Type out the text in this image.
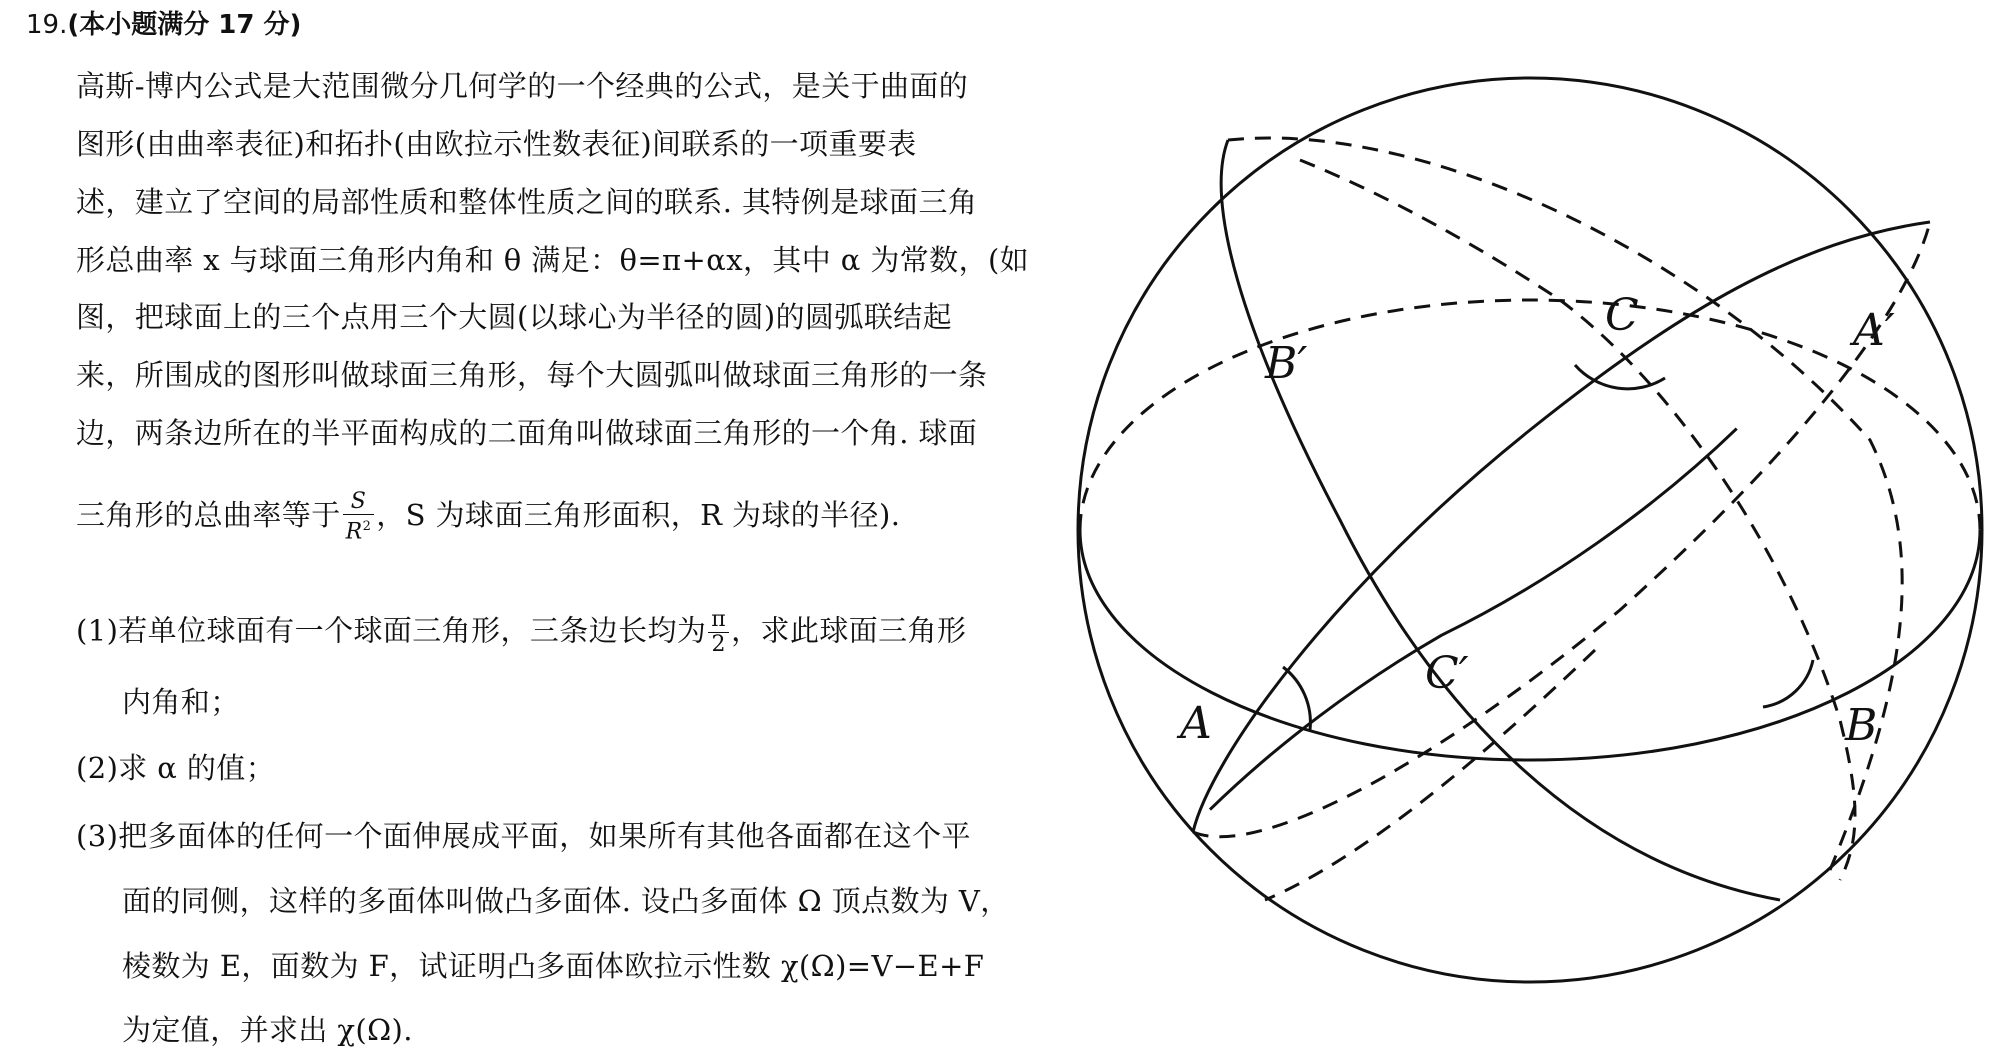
19.(本小题满分 17 分)
高斯-博内公式是大范围微分几何学的一个经典的公式，是关于曲面的
图形(由曲率表征)和拓扑(由欧拉示性数表征)间联系的一项重要表
述，建立了空间的局部性质和整体性质之间的联系. 其特例是球面三角
形总曲率 x 与球面三角形内角和 θ 满足：θ=π+αx，其中 α 为常数，(如
图，把球面上的三个点用三个大圆(以球心为半径的圆)的圆弧联结起
来，所围成的图形叫做球面三角形，每个大圆弧叫做球面三角形的一条
边，两条边所在的半平面构成的二面角叫做球面三角形的一个角. 球面
三角形的总曲率等于 $\frac{S}{R^2}$ ，S 为球面三角形面积，R 为球的半径).
(1)若单位球面有一个球面三角形，三条边长均为 $\frac{\pi}{2}$ ，求此球面三角形
内角和；
(2)求 α 的值；
(3)把多面体的任何一个面伸展成平面，如果所有其他各面都在这个平
面的同侧，这样的多面体叫做凸多面体. 设凸多面体 Ω 顶点数为 V，
棱数为 E，面数为 F，试证明凸多面体欧拉示性数 χ(Ω)=V−E+F
为定值，并求出 χ(Ω).
C	A′
B′
C′
A	B
